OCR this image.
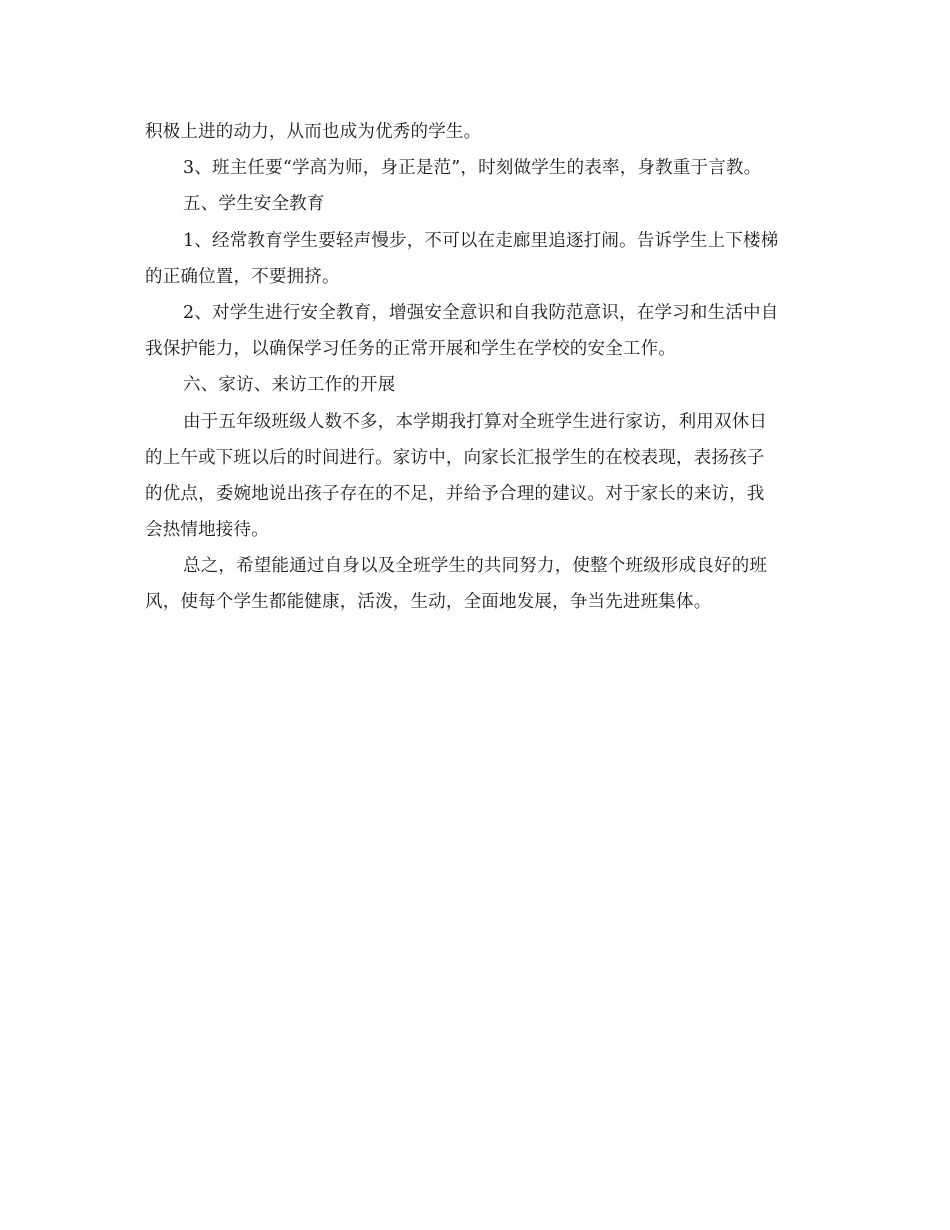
积极上进的动力，从而也成为优秀的学生。
3、班主任要“学高为师，身正是范”，时刻做学生的表率，身教重于言教。
五、学生安全教育
1、经常教育学生要轻声慢步，不可以在走廊里追逐打闹。告诉学生上下楼梯
的正确位置，不要拥挤。
2、对学生进行安全教育，增强安全意识和自我防范意识，在学习和生活中自
我保护能力，以确保学习任务的正常开展和学生在学校的安全工作。
六、家访、来访工作的开展
由于五年级班级人数不多，本学期我打算对全班学生进行家访，利用双休日
的上午或下班以后的时间进行。家访中，向家长汇报学生的在校表现，表扬孩子
的优点，委婉地说出孩子存在的不足，并给予合理的建议。对于家长的来访，我
会热情地接待。
总之，希望能通过自身以及全班学生的共同努力，使整个班级形成良好的班
风，使每个学生都能健康，活泼，生动，全面地发展，争当先进班集体。
